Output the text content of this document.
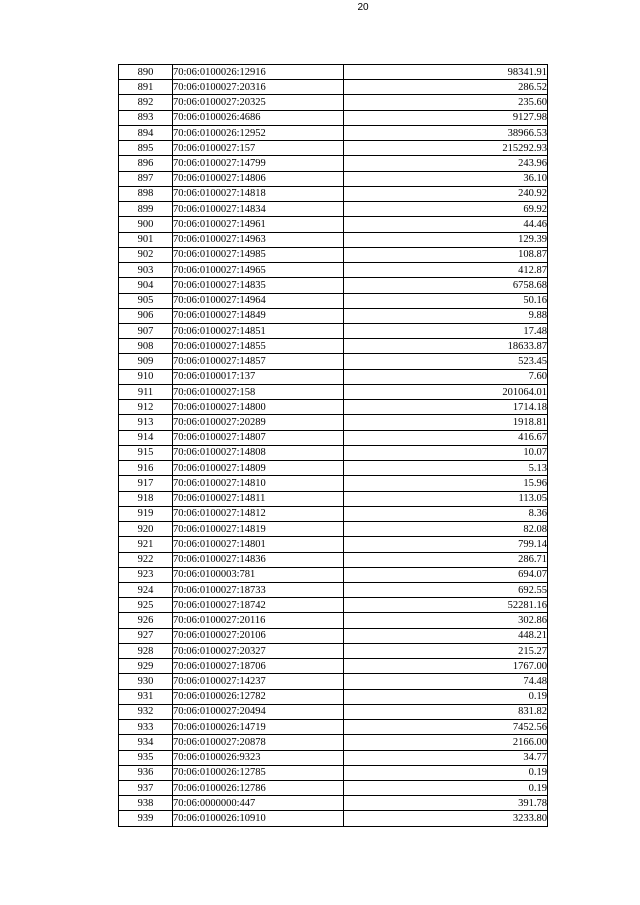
20
890	70:06:0100026:12916	98341.91
891	70:06:0100027:20316	286.52
892	70:06:0100027:20325	235.60
893	70:06:0100026:4686	9127.98
894	70:06:0100026:12952	38966.53
895	70:06:0100027:157	215292.93
896	70:06:0100027:14799	243.96
897	70:06:0100027:14806	36.10
898	70:06:0100027:14818	240.92
899	70:06:0100027:14834	69.92
900	70:06:0100027:14961	44.46
901	70:06:0100027:14963	129.39
902	70:06:0100027:14985	108.87
903	70:06:0100027:14965	412.87
904	70:06:0100027:14835	6758.68
905	70:06:0100027:14964	50.16
906	70:06:0100027:14849	9.88
907	70:06:0100027:14851	17.48
908	70:06:0100027:14855	18633.87
909	70:06:0100027:14857	523.45
910	70:06:0100017:137	7.60
911	70:06:0100027:158	201064.01
912	70:06:0100027:14800	1714.18
913	70:06:0100027:20289	1918.81
914	70:06:0100027:14807	416.67
915	70:06:0100027:14808	10.07
916	70:06:0100027:14809	5.13
917	70:06:0100027:14810	15.96
918	70:06:0100027:14811	113.05
919	70:06:0100027:14812	8.36
920	70:06:0100027:14819	82.08
921	70:06:0100027:14801	799.14
922	70:06:0100027:14836	286.71
923	70:06:0100003:781	694.07
924	70:06:0100027:18733	692.55
925	70:06:0100027:18742	52281.16
926	70:06:0100027:20116	302.86
927	70:06:0100027:20106	448.21
928	70:06:0100027:20327	215.27
929	70:06:0100027:18706	1767.00
930	70:06:0100027:14237	74.48
931	70:06:0100026:12782	0.19
932	70:06:0100027:20494	831.82
933	70:06:0100026:14719	7452.56
934	70:06:0100027:20878	2166.00
935	70:06:0100026:9323	34.77
936	70:06:0100026:12785	0.19
937	70:06:0100026:12786	0.19
938	70:06:0000000:447	391.78
939	70:06:0100026:10910	3233.80
